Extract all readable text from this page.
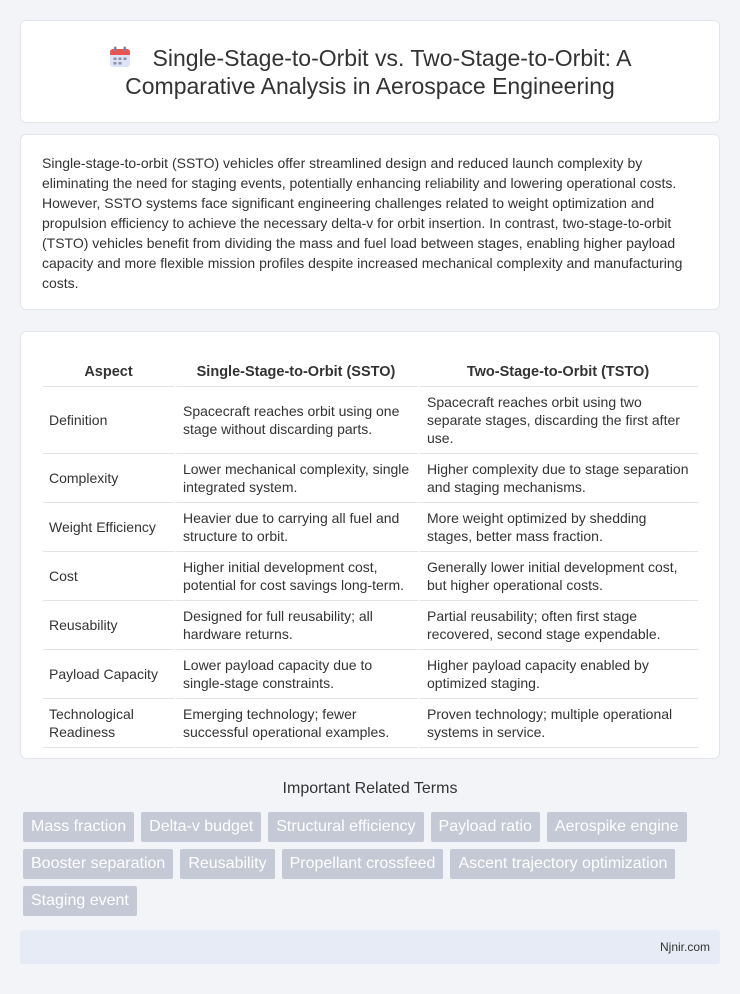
Single-Stage-to-Orbit vs. Two-Stage-to-Orbit: A Comparative Analysis in Aerospace Engineering

Single-stage-to-orbit (SSTO) vehicles offer streamlined design and reduced launch complexity by eliminating the need for staging events, potentially enhancing reliability and lowering operational costs. However, SSTO systems face significant engineering challenges related to weight optimization and propulsion efficiency to achieve the necessary delta-v for orbit insertion. In contrast, two-stage-to-orbit (TSTO) vehicles benefit from dividing the mass and fuel load between stages, enabling higher payload capacity and more flexible mission profiles despite increased mechanical complexity and manufacturing costs.

Aspect	Single-Stage-to-Orbit (SSTO)	Two-Stage-to-Orbit (TSTO)
Definition	Spacecraft reaches orbit using one stage without discarding parts.	Spacecraft reaches orbit using two separate stages, discarding the first after use.
Complexity	Lower mechanical complexity, single integrated system.	Higher complexity due to stage separation and staging mechanisms.
Weight Efficiency	Heavier due to carrying all fuel and structure to orbit.	More weight optimized by shedding stages, better mass fraction.
Cost	Higher initial development cost, potential for cost savings long-term.	Generally lower initial development cost, but higher operational costs.
Reusability	Designed for full reusability; all hardware returns.	Partial reusability; often first stage recovered, second stage expendable.
Payload Capacity	Lower payload capacity due to single-stage constraints.	Higher payload capacity enabled by optimized staging.
Technological Readiness	Emerging technology; fewer successful operational examples.	Proven technology; multiple operational systems in service.
Important Related Terms
Mass fraction	Delta-v budget	Structural efficiency	Payload ratio	Aerospike engine
Booster separation	Reusability	Propellant crossfeed	Ascent trajectory optimization
Staging event
Njnir.com
